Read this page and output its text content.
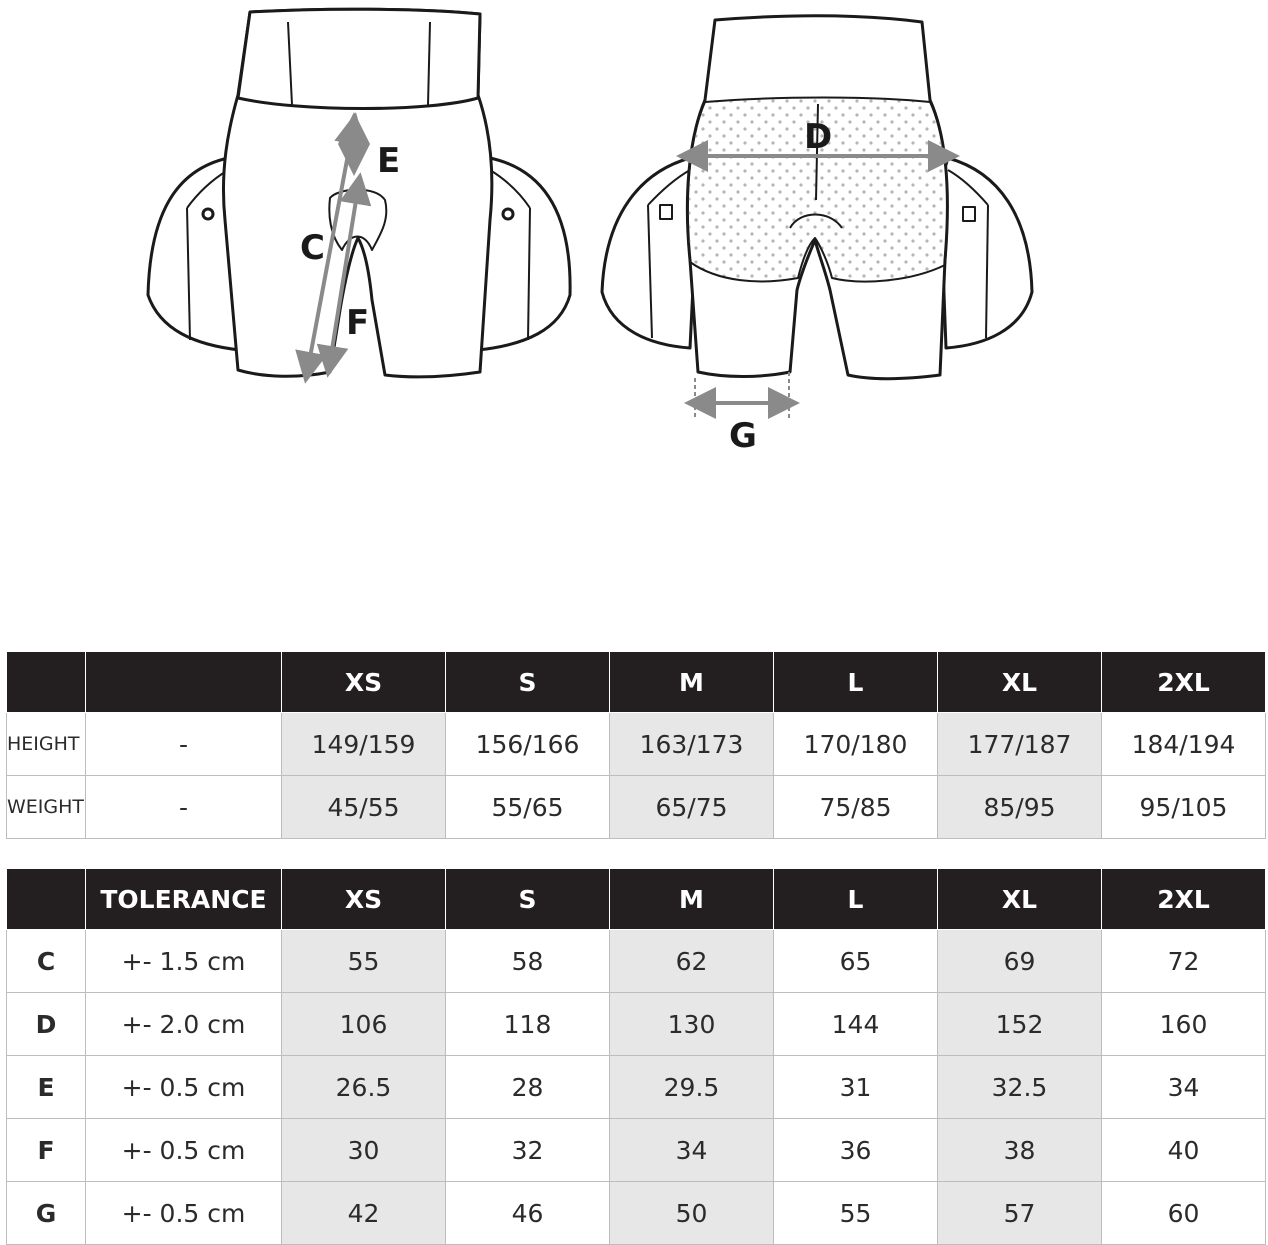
E
C
F
D
G
		XS	S	M	L	XL	2XL
HEIGHT	-	149/159	156/166	163/173	170/180	177/187	184/194
WEIGHT	-	45/55	55/65	65/75	75/85	85/95	95/105
	TOLERANCE	XS	S	M	L	XL	2XL
C	+- 1.5 cm	55	58	62	65	69	72
D	+- 2.0 cm	106	118	130	144	152	160
E	+- 0.5 cm	26.5	28	29.5	31	32.5	34
F	+- 0.5 cm	30	32	34	36	38	40
G	+- 0.5 cm	42	46	50	55	57	60
